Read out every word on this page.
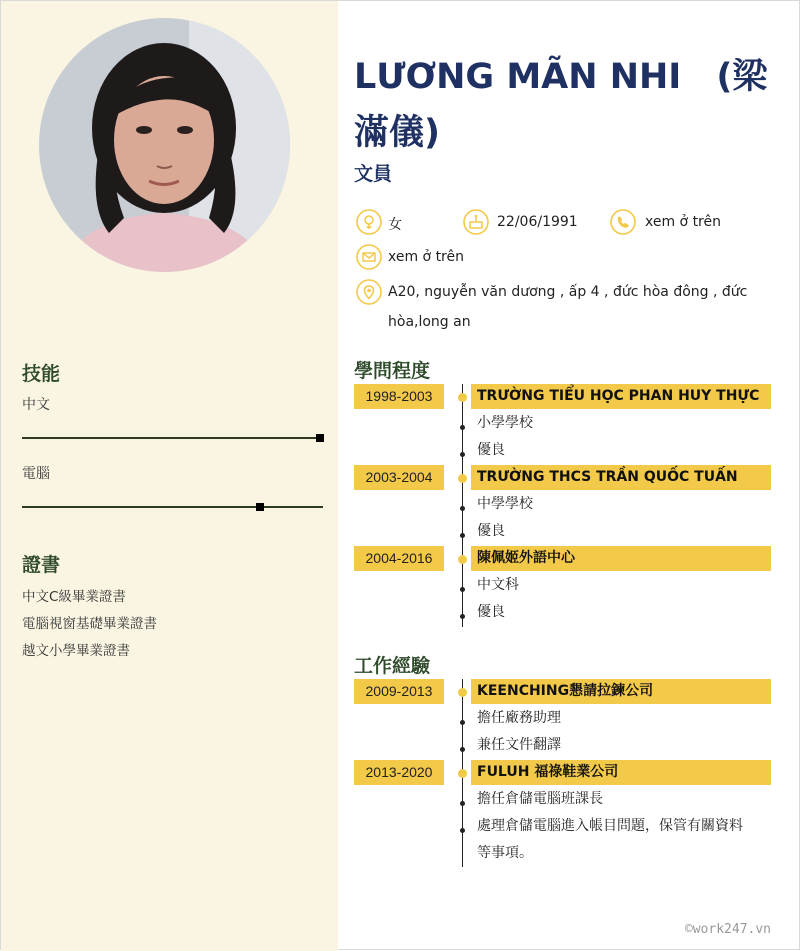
技能
中文
電腦
證書
中文C級畢業證書
電腦視窗基礎畢業證書
越文小學畢業證書
LƯƠNG MÃN NHI　(梁滿儀)
文員
女	22/06/1991	xem ở trên
xem ở trên
A20, nguyễn văn dương , ấp 4 , đức hòa đông , đức
hòa,long an
學問程度
1998-2003	TRƯỜNG TIỂU HỌC PHAN HUY THỰC
小學學校
優良
2003-2004	TRƯỜNG THCS TRẦN QUỐC TUẤN
中學學校
優良
2004-2016	陳佩姬外語中心
中文科
優良
工作經驗
2009-2013	KEENCHING懇請拉鍊公司
擔任廠務助理
兼任文件翻譯
2013-2020	FULUH 福祿鞋業公司
擔任倉儲電腦班課長
處理倉儲電腦進入帳目問題，保管有關資料
等事項。
©work247.vn
